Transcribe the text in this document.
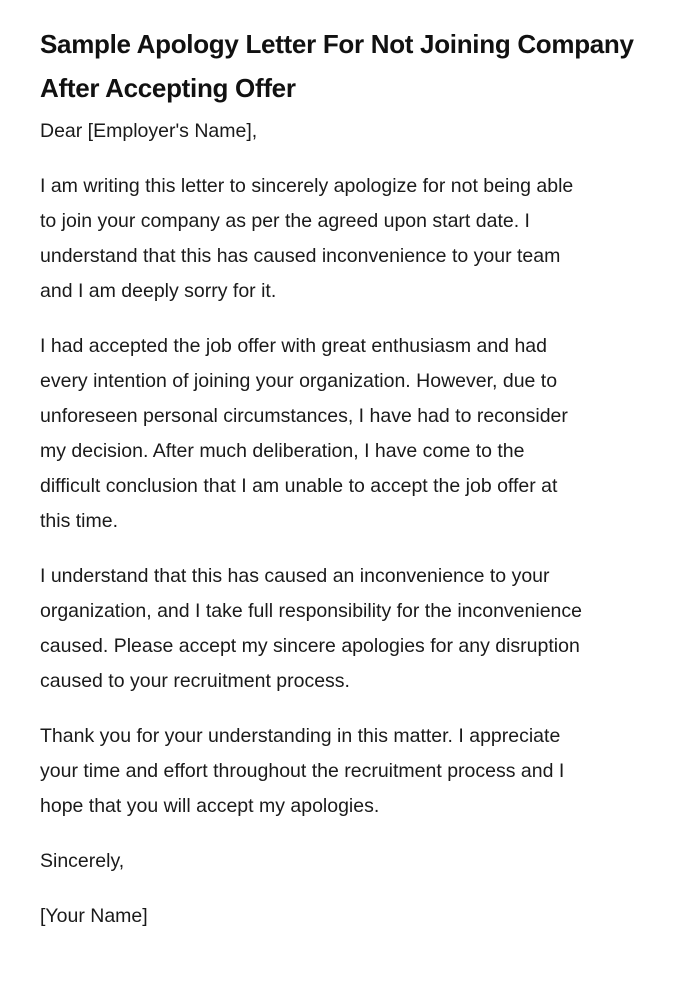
Sample Apology Letter For Not Joining Company
After Accepting Offer
Dear [Employer's Name],
I am writing this letter to sincerely apologize for not being able
to join your company as per the agreed upon start date. I
understand that this has caused inconvenience to your team
and I am deeply sorry for it.
I had accepted the job offer with great enthusiasm and had
every intention of joining your organization. However, due to
unforeseen personal circumstances, I have had to reconsider
my decision. After much deliberation, I have come to the
difficult conclusion that I am unable to accept the job offer at
this time.
I understand that this has caused an inconvenience to your
organization, and I take full responsibility for the inconvenience
caused. Please accept my sincere apologies for any disruption
caused to your recruitment process.
Thank you for your understanding in this matter. I appreciate
your time and effort throughout the recruitment process and I
hope that you will accept my apologies.
Sincerely,
[Your Name]
